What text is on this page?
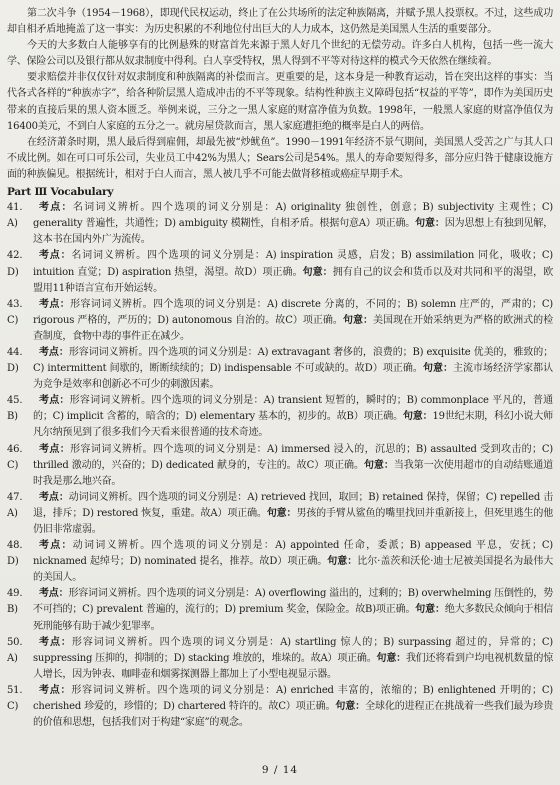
第二次斗争（1954－1968），即现代民权运动，终止了在公共场所的法定种族隔离，并赋予黑人投票权。不过，这些成功却自相矛盾地掩盖了这一事实：为历史积累的不利地位付出巨大的人力成本，这仍然是美国黑人生活的重要部分。

今天的大多数白人能够享有的比例悬殊的财富首先来源于黑人好几个世纪的无偿劳动。许多白人机构，包括一些一流大学、保险公司以及银行都从奴隶制度中得利。白人享受特权，黑人得到不平等对待这样的模式今天依然在继续着。

要求赔偿并非仅仅针对奴隶制度和种族隔离的补偿而言。更重要的是，这本身是一种教育运动，旨在突出这样的事实：当代各式各样的“种族赤字”，给各种阶层黑人造成冲击的不平等现象。结构性种族主义障碍包括“权益的平等”，即作为美国历史带来的直接后果的黑人资本匮乏。举例来说，三分之一黑人家庭的财富净值为负数。1998年，一般黑人家庭的财富净值仅为16400美元，不到白人家庭的五分之一。就房屋贷款而言，黑人家庭遭拒绝的概率是白人的两倍。

在经济萧条时期，黑人最后得到雇佣，却最先被“炒鱿鱼”。1990－1991年经济不景气期间，美国黑人受苦之广与其人口不成比例。如在可口可乐公司，失业员工中42%为黑人；Sears公司是54%。黑人的寿命要短得多，部分应归咎于健康设施方面的种族偏见。根据统计，相对于白人而言，黑人被几乎不可能去做肾移植或癌症早期手术。

Part Ⅲ Vocabulary

41. A)
考点：名词词义辨析。四个选项的词义分别是：A) originality 独创性，创意；B) subjectivity 主观性；C) generality 普遍性，共通性；D) ambiguity 模糊性，自相矛盾。根据句意A）项正确。句意：因为思想上有独到见解，这本书在国内外广为流传。
42. D)
考点：名词词义辨析。四个选项的词义分别是：A) inspiration 灵感，启发；B) assimilation 同化，吸收；C) intuition 直觉；D) aspiration 热望，渴望。故D）项正确。句意：拥有自己的议会和货币以及对共同和平的渴望，欧盟用11种语言宣布开始运转。
43. C)
考点：形容词词义辨析。四个选项的词义分别是：A) discrete 分离的，不同的；B) solemn 庄严的，严肃的；C) rigorous 严格的，严历的；D) autonomous 自治的。故C）项正确。句意：美国现在开始采纳更为严格的欧洲式的检查制度，食物中毒的事件正在减少。
44. D)
考点：形容词词义辨析。四个选项的词义分别是：A) extravagant 奢侈的，浪费的；B) exquisite 优美的，雅致的；C) intermittent 间歇的，断断续续的；D) indispensable 不可或缺的。故D）项正确。句意：主流市场经济学家都认为竞争是效率和创新必不可少的刺激因素。
45. B)
考点：形容词词义辨析。四个选项的词义分别是：A) transient 短暂的，瞬时的；B) commonplace 平凡的，普通的；C) implicit 含蓄的，暗含的；D) elementary 基本的，初步的。故B）项正确。句意：19世纪末期，科幻小说大师凡尔纳预见到了很多我们今天看来很普通的技术奇迹。
46. C)
考点：形容词词义辨析。四个选项的词义分别是：A) immersed 浸入的，沉思的；B) assaulted 受到攻击的；C) thrilled 激动的，兴奋的；D) dedicated 献身的，专注的。故C）项正确。句意：当我第一次使用超市的自动结账通道时我是那么地兴奋。
47. A)
考点：动词词义辨析。四个选项的词义分别是：A) retrieved 找回，取回；B) retained 保持，保留；C) repelled 击退，排斥；D) restored 恢复，重建。故A）项正确。句意：男孩的手臂从鲨鱼的嘴里找回并重新接上，但死里逃生的他仍旧非常虚弱。
48. D)
考点：动词词义辨析。四个选项的词义分别是：A) appointed 任命，委派；B) appeased 平息，安抚；C) nicknamed 起绰号；D) nominated 提名，推荐。故D）项正确。句意：比尔·盖茨和沃伦·迪士尼被美国提名为最伟大的美国人。
49. B)
考点：形容词词义辨析。四个选项的词义分别是：A) overflowing 溢出的，过剩的；B) overwhelming 压倒性的，势不可挡的；C) prevalent 普遍的，流行的；D) premium 奖金，保险金。故B)项正确。句意：绝大多数民众倾向于相信死刑能够有助于减少犯罪率。
50. A)
考点：形容词词义辨析。四个选项的词义分别是：A) startling 惊人的；B) surpassing 超过的，异常的；C) suppressing 压抑的，抑制的；D) stacking 堆放的，堆垛的。故A）项正确。句意：我们还将看到户均电视机数量的惊人增长，因为钟表、咖啡壶和烟雾探测器上都加上了小型电视显示器。
51. C)
考点：形容词词义辨析。四个选项的词义分别是：A) enriched 丰富的，浓缩的；B) enlightened 开明的；C) cherished 珍爱的，珍惜的；D) chartered 特许的。故C）项正确。句意：全球化的进程正在挑战着一些我们最为珍贵的价值和思想，包括我们对于构建“家庭”的观念。
9 / 14
